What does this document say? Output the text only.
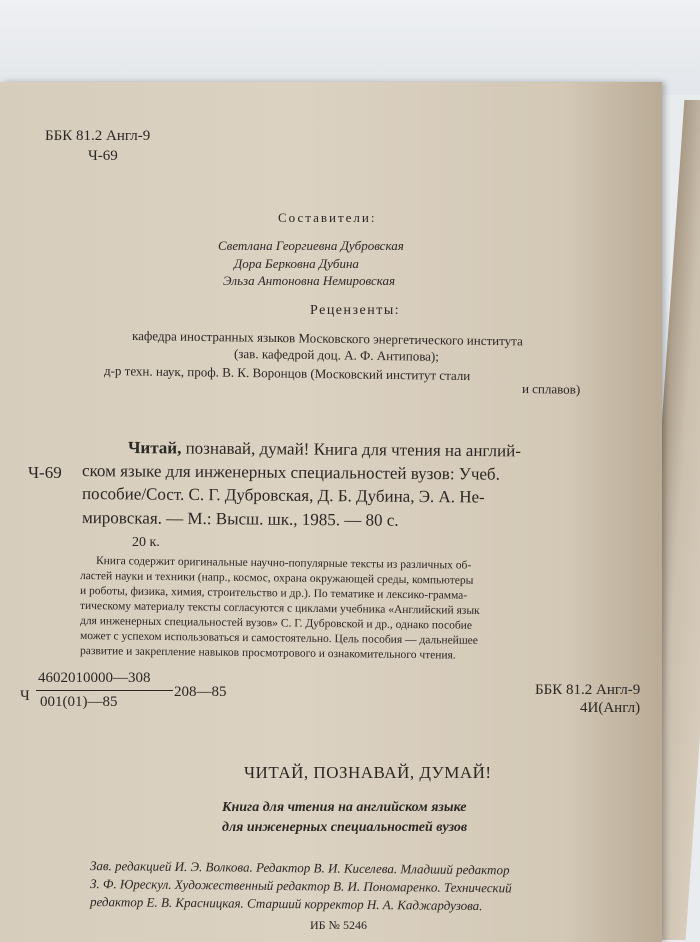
ББК 81.2 Англ-9
Ч-69
Составители:
Светлана Георгиевна Дубровская
Дора Берковна Дубина
Эльза Антоновна Немировская
Рецензенты:
кафедра иностранных языков Московского энергетического института
(зав. кафедрой доц. А. Ф. Антипова);
д-р техн. наук, проф. В. К. Воронцов (Московский институт стали
и сплавов)
Ч-69
Читай, познавай, думай! Книга для чтения на англий-
ском языке для инженерных специальностей вузов: Учеб.
пособие/Сост. С. Г. Дубровская, Д. Б. Дубина, Э. А. Не-
мировская. — М.: Высш. шк., 1985. — 80 с.
20 к.
Книга содержит оригинальные научно-популярные тексты из различных об-
ластей науки и техники (напр., космос, охрана окружающей среды, компьютеры
и роботы, физика, химия, строительство и др.). По тематике и лексико-грамма-
тическому материалу тексты согласуются с циклами учебника «Английский язык
для инженерных специальностей вузов» С. Г. Дубровской и др., однако пособие
может с успехом использоваться и самостоятельно. Цель пособия — дальнейшее
развитие и закрепление навыков просмотрового и ознакомительного чтения.
Ч
4602010000—308
001(01)—85
208—85	ББК 81.2 Англ-9
4И(Англ)
ЧИТАЙ, ПОЗНАВАЙ, ДУМАЙ!
Книга для чтения на английском языке
для инженерных специальностей вузов
Зав. редакцией И. Э. Волкова. Редактор В. И. Киселева. Младший редактор
З. Ф. Юрескул. Художественный редактор В. И. Пономаренко. Технический
редактор Е. В. Красницкая. Старший корректор Н. А. Каджардузова.
ИБ № 5246
